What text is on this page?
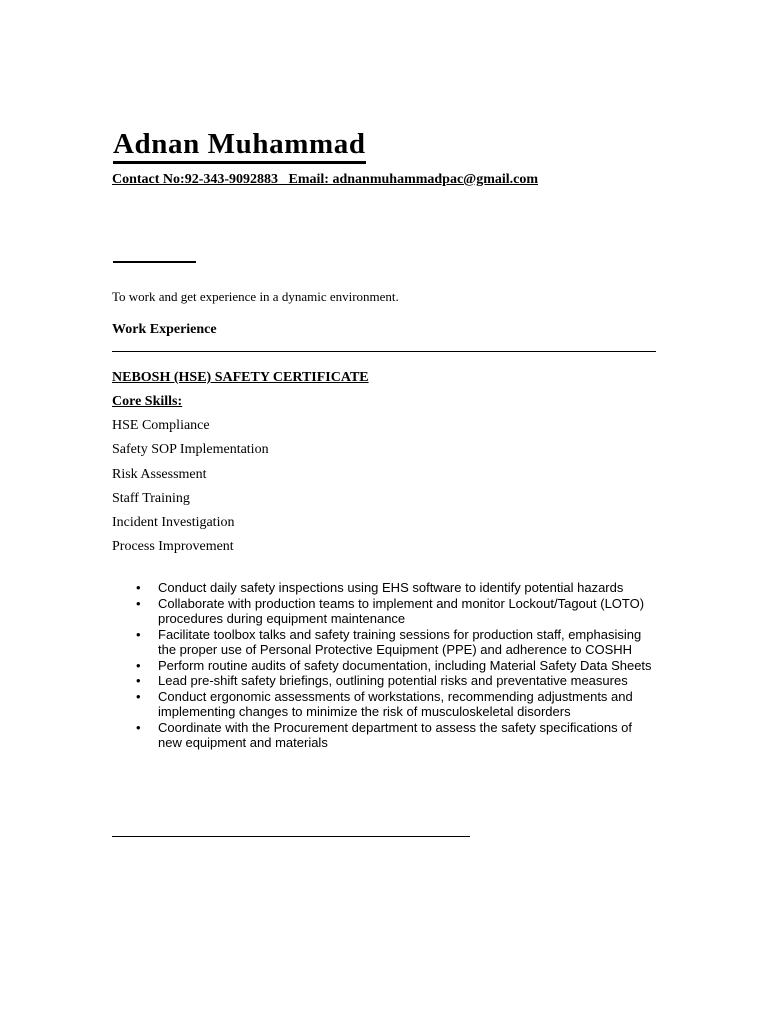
Adnan Muhammad
Contact No:92-343-9092883   Email: adnanmuhammadpac@gmail.com
To work and get experience in a dynamic environment.
Work Experience
NEBOSH (HSE) SAFETY CERTIFICATE
Core Skills:
HSE Compliance
Safety SOP Implementation
Risk Assessment
Staff Training
Incident Investigation
Process Improvement
• Conduct daily safety inspections using EHS software to identify potential hazards
• Collaborate with production teams to implement and monitor Lockout/Tagout (LOTO) procedures during equipment maintenance
• Facilitate toolbox talks and safety training sessions for production staff, emphasising the proper use of Personal Protective Equipment (PPE) and adherence to COSHH
• Perform routine audits of safety documentation, including Material Safety Data Sheets
• Lead pre-shift safety briefings, outlining potential risks and preventative measures
• Conduct ergonomic assessments of workstations, recommending adjustments and implementing changes to minimize the risk of musculoskeletal disorders
• Coordinate with the Procurement department to assess the safety specifications of new equipment and materials
